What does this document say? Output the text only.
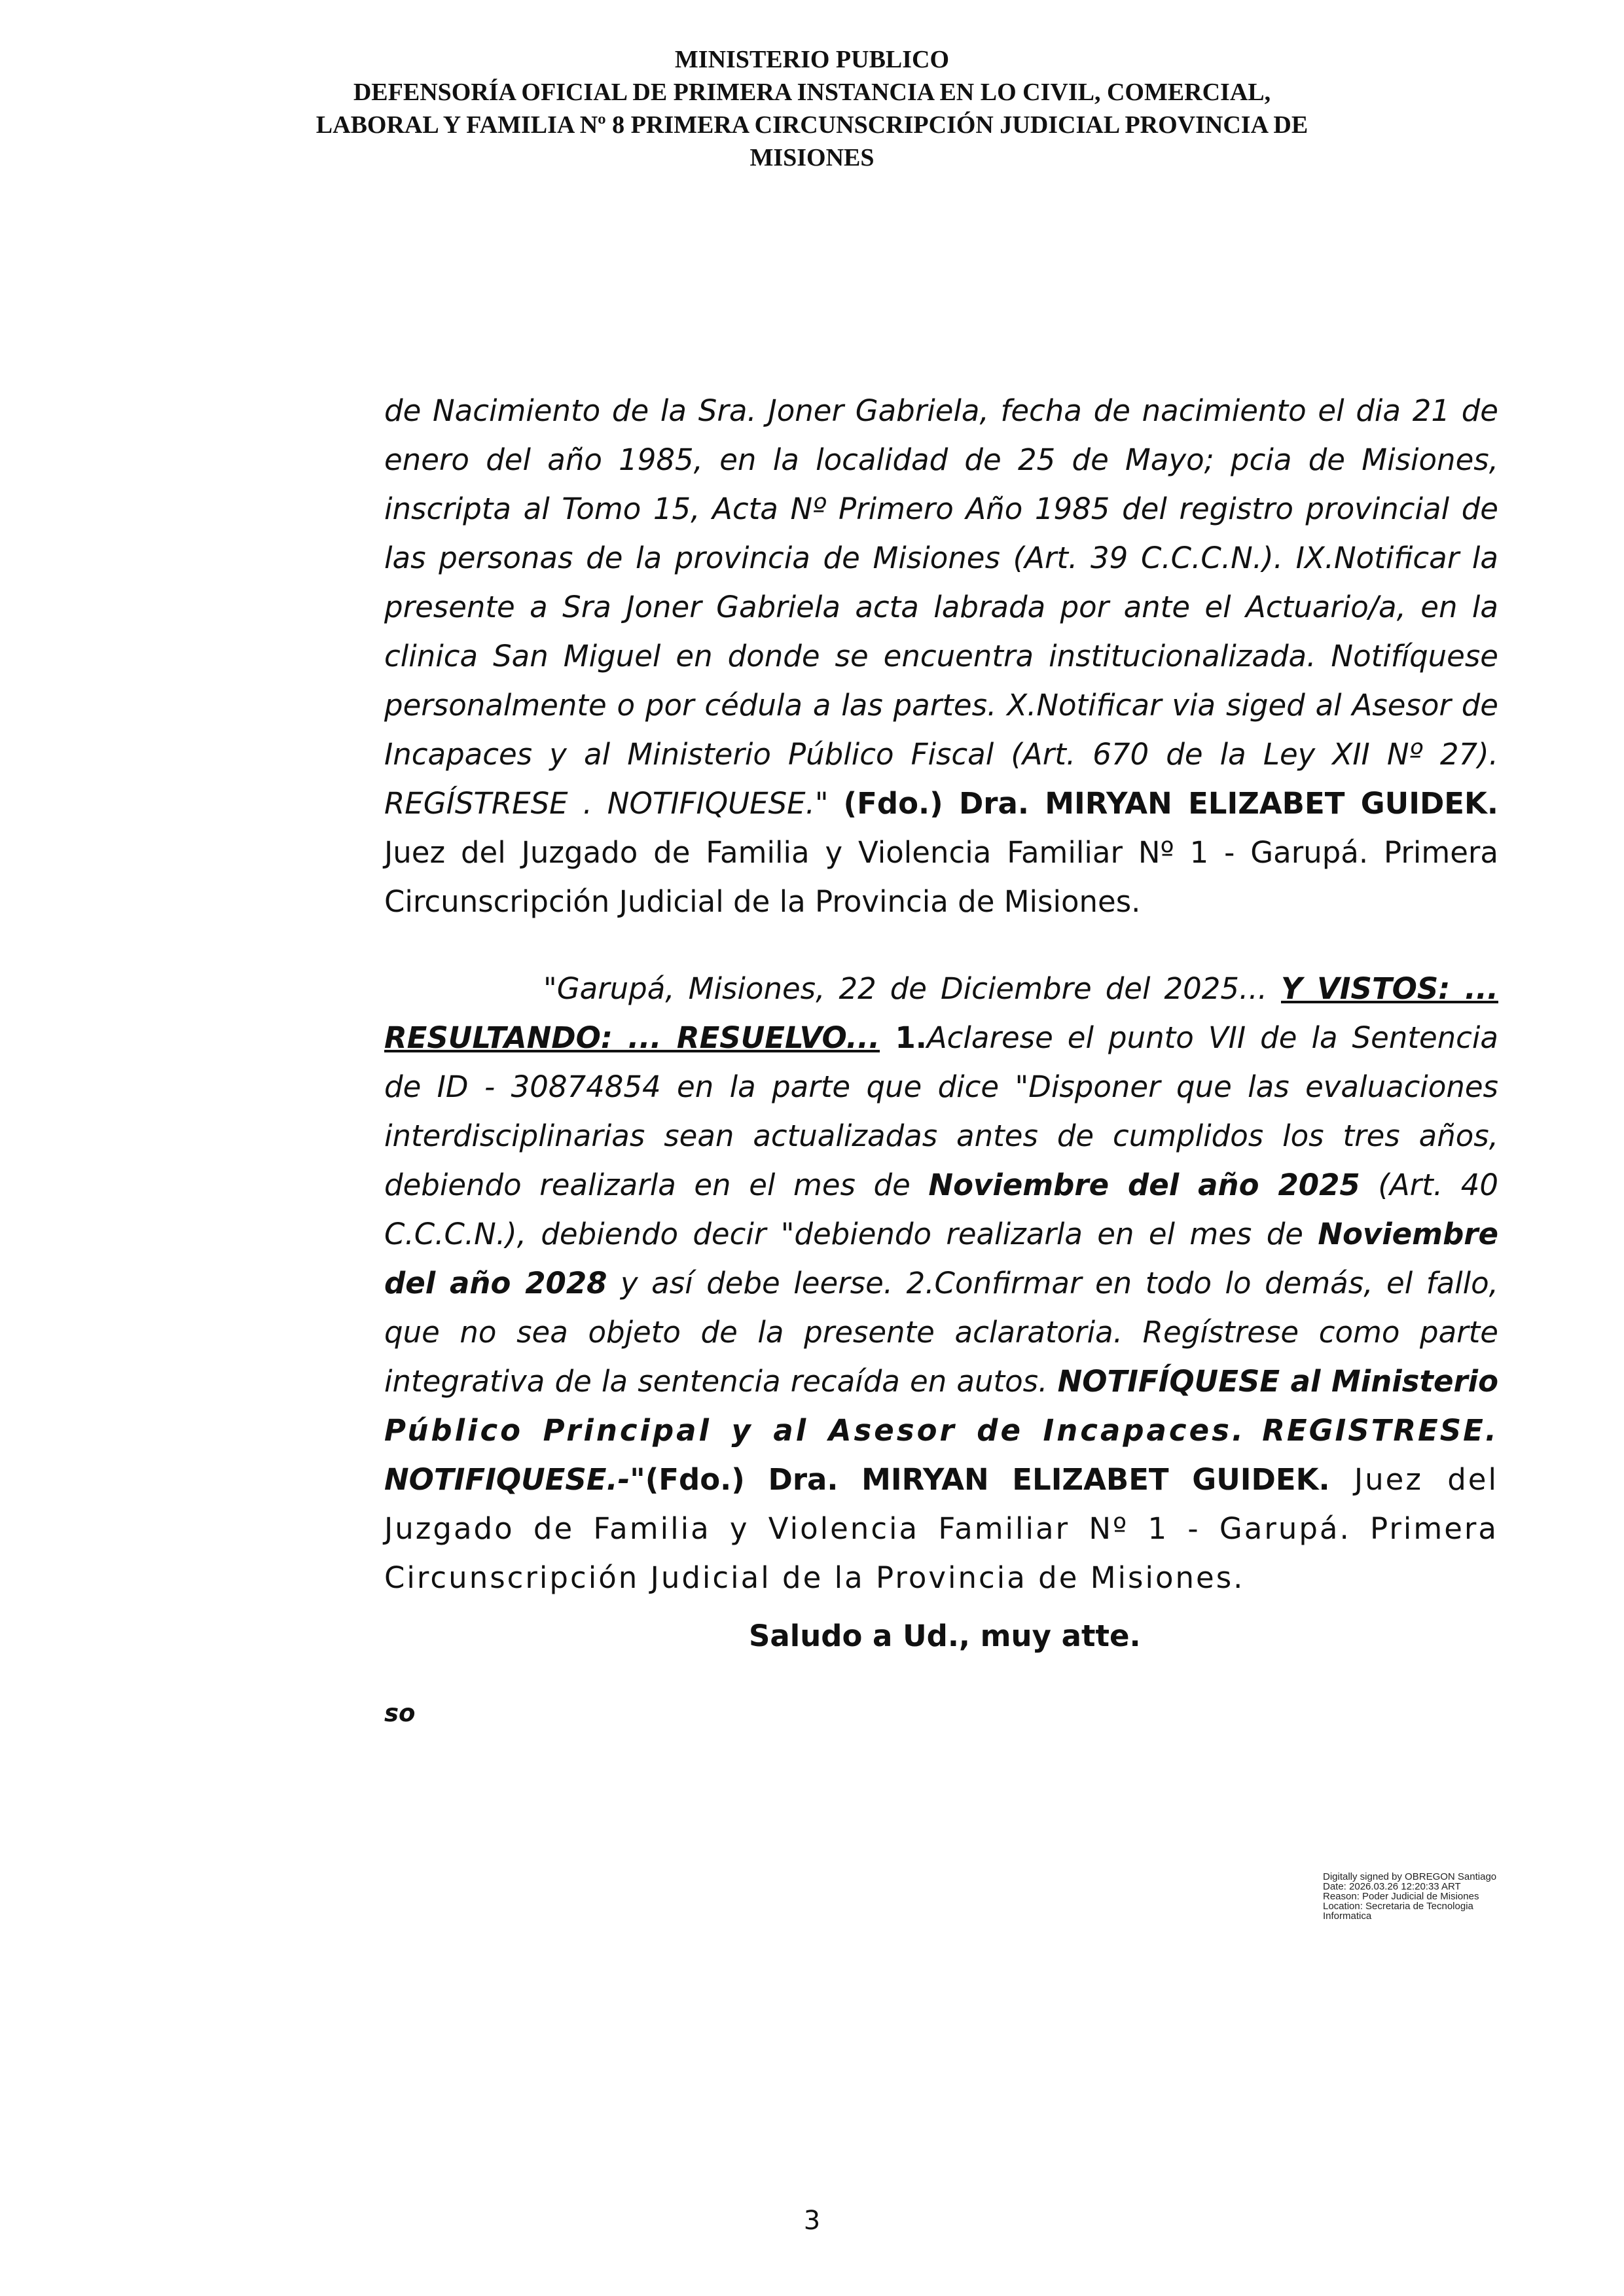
MINISTERIO PUBLICO
DEFENSORÍA OFICIAL DE PRIMERA INSTANCIA EN LO CIVIL, COMERCIAL,
LABORAL Y FAMILIA Nº 8 PRIMERA CIRCUNSCRIPCIÓN JUDICIAL PROVINCIA DE
MISIONES

de Nacimiento de la Sra. Joner Gabriela, fecha de nacimiento el dia 21 de enero del año 1985, en la localidad de 25 de Mayo; pcia de Misiones, inscripta al Tomo 15, Acta Nº Primero Año 1985 del registro provincial de las personas de la provincia de Misiones (Art. 39 C.C.C.N.). IX.Notificar la presente a Sra Joner Gabriela acta labrada por ante el Actuario/a, en la clinica San Miguel en donde se encuentra institucionalizada. Notifíquese personalmente o por cédula a las partes. X.Notificar via siged al Asesor de Incapaces y al Ministerio Público Fiscal (Art. 670 de la Ley XII Nº 27). REGÍSTRESE . NOTIFIQUESE." (Fdo.) Dra. MIRYAN ELIZABET GUIDEK. Juez del Juzgado de Familia y Violencia Familiar Nº 1 - Garupá. Primera Circunscripción Judicial de la Provincia de Misiones.

"Garupá, Misiones, 22 de Diciembre del 2025... Y VISTOS: ... RESULTANDO: ... RESUELVO... 1.Aclarese el punto VII de la Sentencia de ID - 30874854 en la parte que dice "Disponer que las evaluaciones interdisciplinarias sean actualizadas antes de cumplidos los tres años, debiendo realizarla en el mes de Noviembre del año 2025 (Art. 40 C.C.C.N.), debiendo decir "debiendo realizarla en el mes de Noviembre del año 2028 y así debe leerse. 2.Confirmar en todo lo demás, el fallo, que no sea objeto de la presente aclaratoria. Regístrese como parte integrativa de la sentencia recaída en autos. NOTIFÍQUESE al Ministerio Público Principal y al Asesor de Incapaces. REGISTRESE. NOTIFIQUESE.-"(Fdo.) Dra. MIRYAN ELIZABET GUIDEK. Juez del Juzgado de Familia y Violencia Familiar Nº 1 - Garupá. Primera Circunscripción Judicial de la Provincia de Misiones.

Saludo a Ud., muy atte.
so
Digitally signed by OBREGON Santiago
Date: 2026.03.26 12:20:33 ART
Reason: Poder Judicial de Misiones
Location: Secretaria de Tecnologia
Informatica
3
